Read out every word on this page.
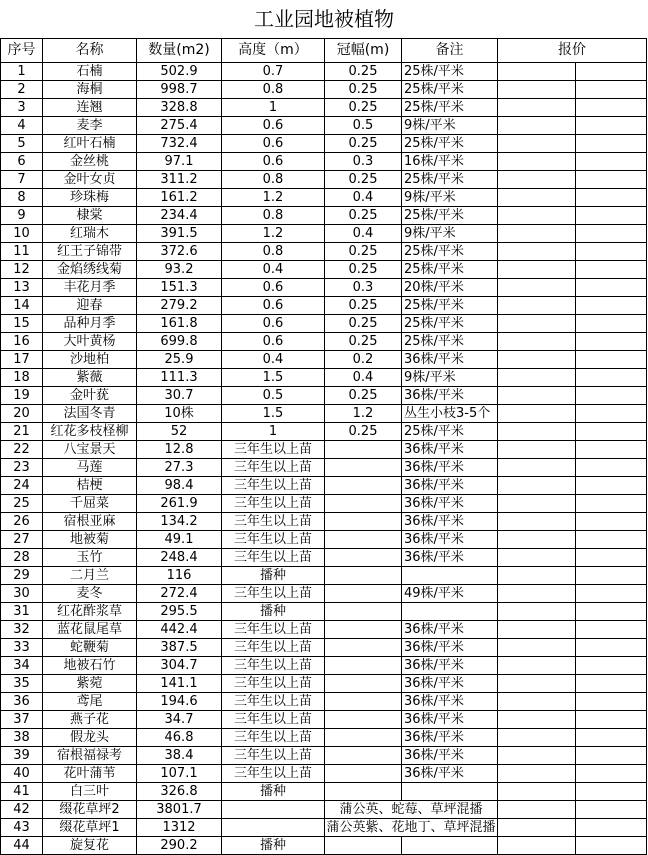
工业园地被植物
序号	名称	数量(m2)	高度（m）	冠幅(m)	备注	报价	
1	石楠	502.9	0.7	0.25	25株/平米		
2	海桐	998.7	0.8	0.25	25株/平米		
3	连翘	328.8	1	0.25	25株/平米		
4	麦李	275.4	0.6	0.5	9株/平米		
5	红叶石楠	732.4	0.6	0.25	25株/平米		
6	金丝桃	97.1	0.6	0.3	16株/平米		
7	金叶女贞	311.2	0.8	0.25	25株/平米		
8	珍珠梅	161.2	1.2	0.4	9株/平米		
9	棣棠	234.4	0.8	0.25	25株/平米		
10	红瑞木	391.5	1.2	0.4	9株/平米		
11	红王子锦带	372.6	0.8	0.25	25株/平米		
12	金焰绣线菊	93.2	0.4	0.25	25株/平米		
13	丰花月季	151.3	0.6	0.3	20株/平米		
14	迎春	279.2	0.6	0.25	25株/平米		
15	品种月季	161.8	0.6	0.25	25株/平米		
16	大叶黄杨	699.8	0.6	0.25	25株/平米		
17	沙地柏	25.9	0.4	0.2	36株/平米		
18	紫薇	111.3	1.5	0.4	9株/平米		
19	金叶莸	30.7	0.5	0.25	36株/平米		
20	法国冬青	10株	1.5	1.2	丛生小枝3-5个		
21	红花多枝柽柳	52	1	0.25	25株/平米		
22	八宝景天	12.8	三年生以上苗		36株/平米		
23	马莲	27.3	三年生以上苗		36株/平米		
24	桔梗	98.4	三年生以上苗		36株/平米		
25	千屈菜	261.9	三年生以上苗		36株/平米		
26	宿根亚麻	134.2	三年生以上苗		36株/平米		
27	地被菊	49.1	三年生以上苗		36株/平米		
28	玉竹	248.4	三年生以上苗		36株/平米		
29	二月兰	116	播种				
30	麦冬	272.4	三年生以上苗		49株/平米		
31	红花酢浆草	295.5	播种				
32	蓝花鼠尾草	442.4	三年生以上苗		36株/平米		
33	蛇鞭菊	387.5	三年生以上苗		36株/平米		
34	地被石竹	304.7	三年生以上苗		36株/平米		
35	紫菀	141.1	三年生以上苗		36株/平米		
36	鸢尾	194.6	三年生以上苗		36株/平米		
37	燕子花	34.7	三年生以上苗		36株/平米		
38	假龙头	46.8	三年生以上苗		36株/平米		
39	宿根福禄考	38.4	三年生以上苗		36株/平米		
40	花叶蒲苇	107.1	三年生以上苗		36株/平米		
41	白三叶	326.8	播种				
42	缀花草坪2	3801.7		蒲公英、蛇莓、草坪混播			
43	缀花草坪1	1312		蒲公英紫、花地丁、草坪混播			
44	旋复花	290.2	播种				
